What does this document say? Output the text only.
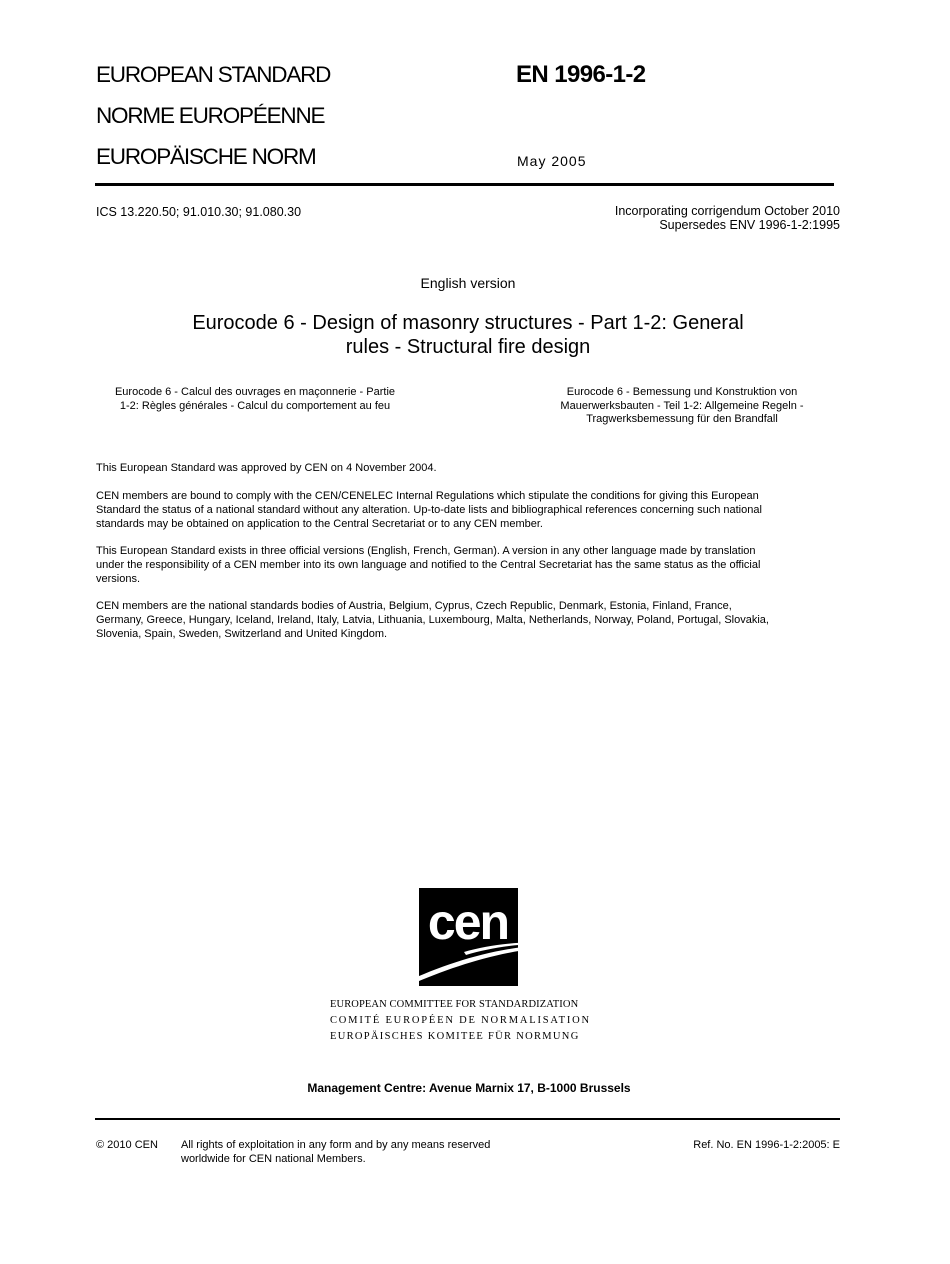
EUROPEAN STANDARD
NORME EUROPÉENNE
EUROPÄISCHE NORM
EN 1996-1-2
May 2005
ICS 13.220.50; 91.010.30; 91.080.30	Incorporating corrigendum October 2010
Supersedes ENV 1996-1-2:1995
English version
Eurocode 6 - Design of masonry structures - Part 1-2: General
rules - Structural fire design
Eurocode 6 - Calcul des ouvrages en maçonnerie - Partie
1-2: Règles générales - Calcul du comportement au feu
Eurocode 6 - Bemessung und Konstruktion von
Mauerwerksbauten - Teil 1-2: Allgemeine Regeln -
Tragwerksbemessung für den Brandfall
This European Standard was approved by CEN on 4 November 2004.
CEN members are bound to comply with the CEN/CENELEC Internal Regulations which stipulate the conditions for giving this European
Standard the status of a national standard without any alteration. Up-to-date lists and bibliographical references concerning such national
standards may be obtained on application to the Central Secretariat or to any CEN member.
This European Standard exists in three official versions (English, French, German). A version in any other language made by translation
under the responsibility of a CEN member into its own language and notified to the Central Secretariat has the same status as the official
versions.
CEN members are the national standards bodies of Austria, Belgium, Cyprus, Czech Republic, Denmark, Estonia, Finland, France,
Germany, Greece, Hungary, Iceland, Ireland, Italy, Latvia, Lithuania, Luxembourg, Malta, Netherlands, Norway, Poland, Portugal, Slovakia,
Slovenia, Spain, Sweden, Switzerland and United Kingdom.
cen
EUROPEAN COMMITTEE FOR STANDARDIZATION
COMITÉ EUROPÉEN DE NORMALISATION
EUROPÄISCHES KOMITEE FÜR NORMUNG
Management Centre: Avenue Marnix 17, B-1000 Brussels
© 2010 CEN All rights of exploitation in any form and by any means reserved
worldwide for CEN national Members.
Ref. No. EN 1996-1-2:2005: E
